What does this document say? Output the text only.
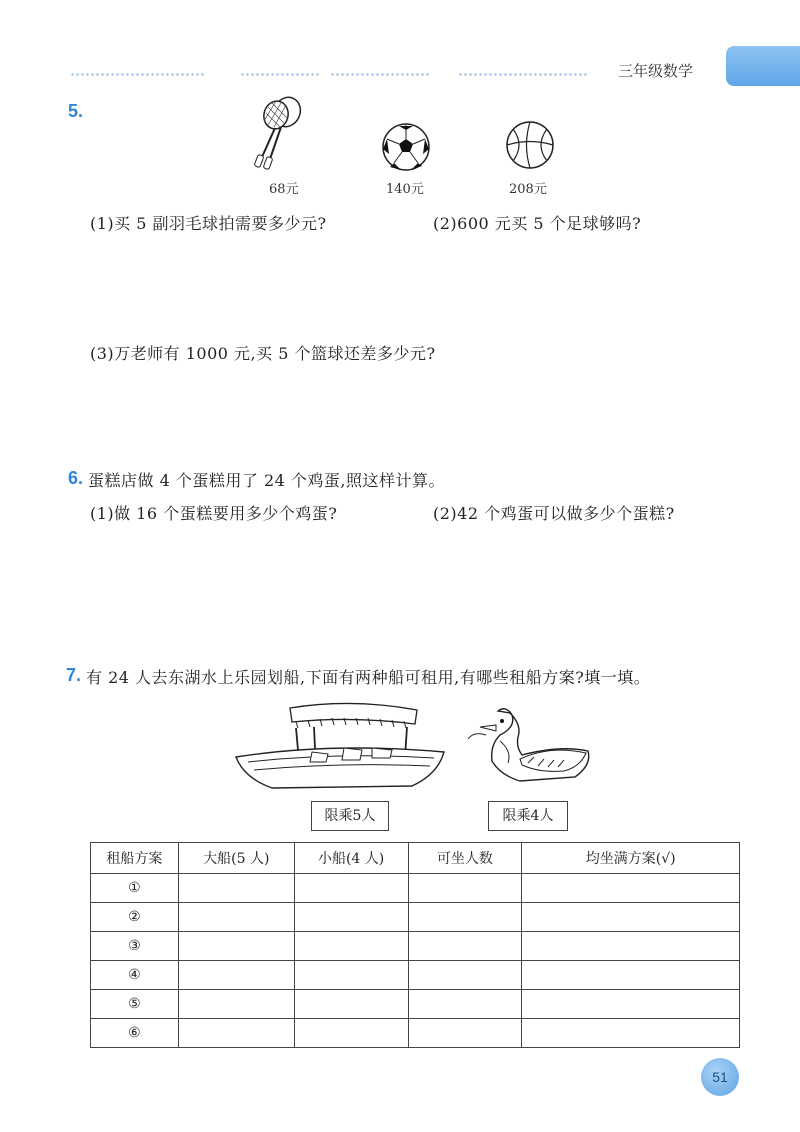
三年级数学
5.
68元	140元	208元
(1)买 5 副羽毛球拍需要多少元?	(2)600 元买 5 个足球够吗?
(3)万老师有 1000 元,买 5 个篮球还差多少元?
6. 蛋糕店做 4 个蛋糕用了 24 个鸡蛋,照这样计算。
(1)做 16 个蛋糕要用多少个鸡蛋?	(2)42 个鸡蛋可以做多少个蛋糕?
7. 有 24 人去东湖水上乐园划船,下面有两种船可租用,有哪些租船方案?填一填。
限乘5人	限乘4人
租船方案	大船(5 人)	小船(4 人)	可坐人数	均坐满方案(√)
①				
②				
③				
④				
⑤				
⑥				
51
